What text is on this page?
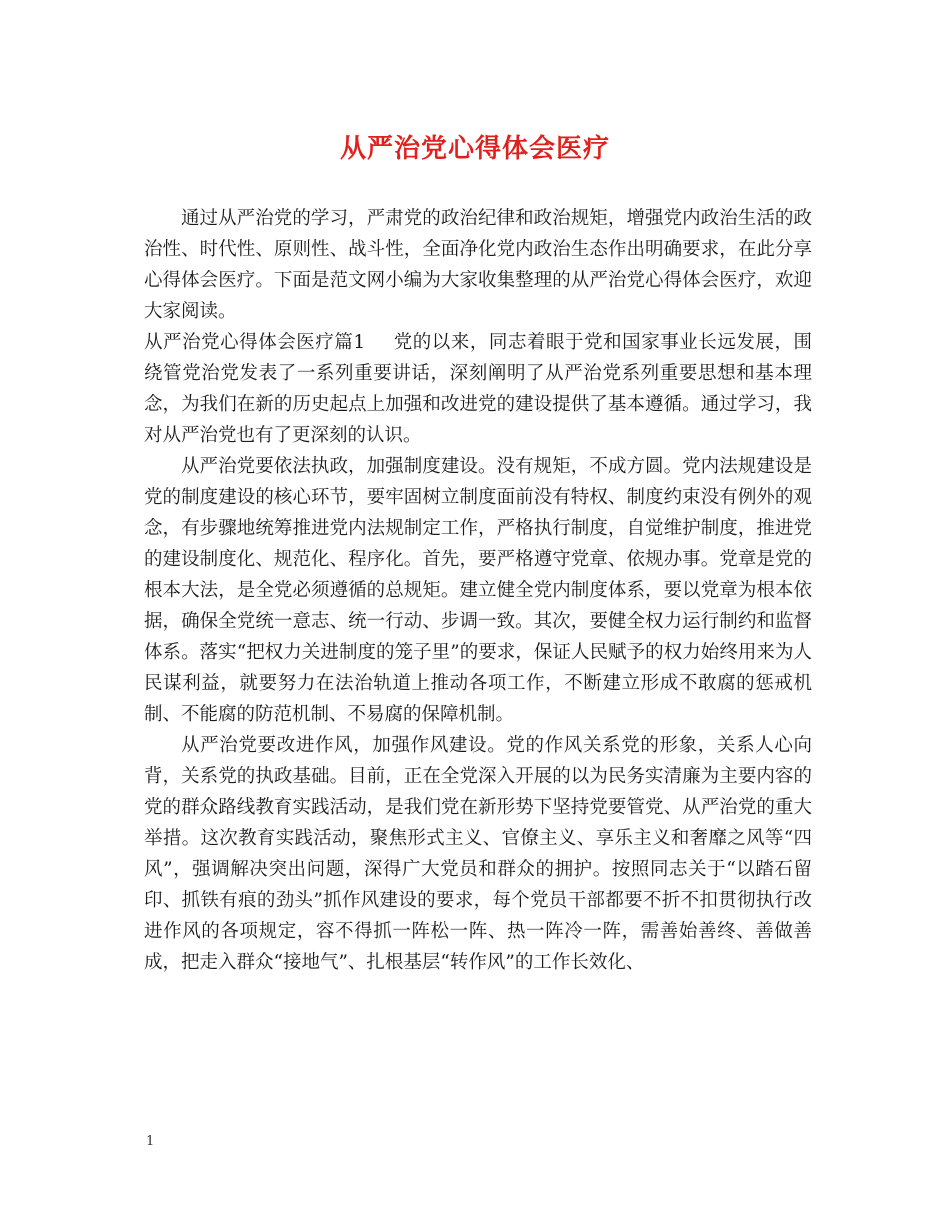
从严治党心得体会医疗

通过从严治党的学习，严肃党的政治纪律和政治规矩，增强党内政治生活的政治性、时代性、原则性、战斗性，全面净化党内政治生态作出明确要求，在此分享心得体会医疗。下面是范文网小编为大家收集整理的从严治党心得体会医疗，欢迎大家阅读。

从严治党心得体会医疗篇1 党的以来，同志着眼于党和国家事业长远发展，围绕管党治党发表了一系列重要讲话，深刻阐明了从严治党系列重要思想和基本理念，为我们在新的历史起点上加强和改进党的建设提供了基本遵循。通过学习，我对从严治党也有了更深刻的认识。

从严治党要依法执政，加强制度建设。没有规矩，不成方圆。党内法规建设是党的制度建设的核心环节，要牢固树立制度面前没有特权、制度约束没有例外的观念，有步骤地统筹推进党内法规制定工作，严格执行制度，自觉维护制度，推进党的建设制度化、规范化、程序化。首先，要严格遵守党章、依规办事。党章是党的根本大法，是全党必须遵循的总规矩。建立健全党内制度体系，要以党章为根本依据，确保全党统一意志、统一行动、步调一致。其次，要健全权力运行制约和监督体系。落实“把权力关进制度的笼子里”的要求，保证人民赋予的权力始终用来为人民谋利益，就要努力在法治轨道上推动各项工作，不断建立形成不敢腐的惩戒机制、不能腐的防范机制、不易腐的保障机制。

从严治党要改进作风，加强作风建设。党的作风关系党的形象，关系人心向背，关系党的执政基础。目前，正在全党深入开展的以为民务实清廉为主要内容的党的群众路线教育实践活动，是我们党在新形势下坚持党要管党、从严治党的重大举措。这次教育实践活动，聚焦形式主义、官僚主义、享乐主义和奢靡之风等“四风”，强调解决突出问题，深得广大党员和群众的拥护。按照同志关于“以踏石留印、抓铁有痕的劲头”抓作风建设的要求，每个党员干部都要不折不扣贯彻执行改进作风的各项规定，容不得抓一阵松一阵、热一阵冷一阵，需善始善终、善做善成，把走入群众“接地气”、扎根基层“转作风”的工作长效化、

1
